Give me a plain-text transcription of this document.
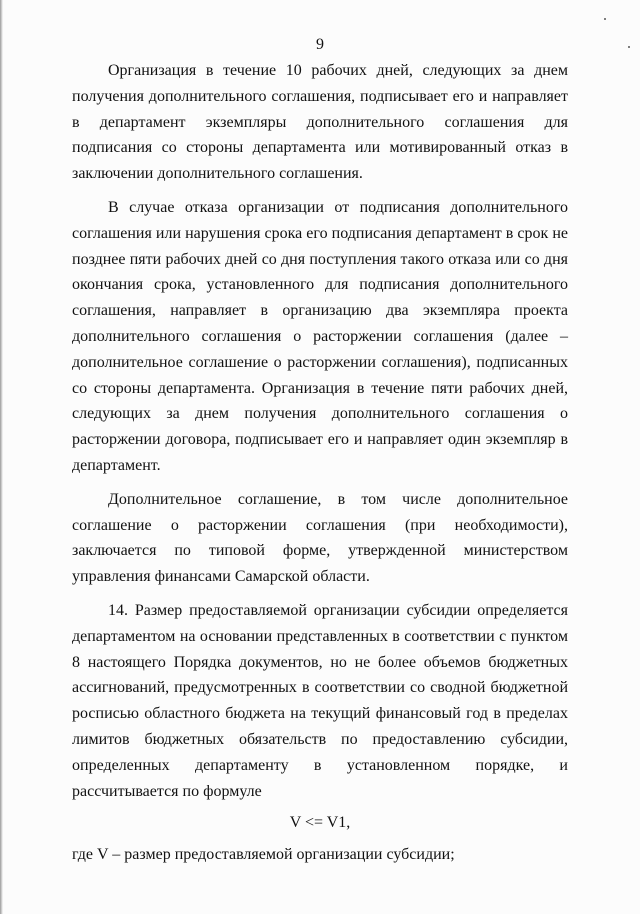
9

Организация в течение 10 рабочих дней, следующих за днем получения дополнительного соглашения, подписывает его и направляет в департамент экземпляры дополнительного соглашения для подписания со стороны департамента или мотивированный отказ в заключении дополнительного соглашения.

В случае отказа организации от подписания дополнительного соглашения или нарушения срока его подписания департамент в срок не позднее пяти рабочих дней со дня поступления такого отказа или со дня окончания срока, установленного для подписания дополнительного соглашения, направляет в организацию два экземпляра проекта дополнительного соглашения о расторжении соглашения (далее – дополнительное соглашение о расторжении соглашения), подписанных со стороны департамента. Организация в течение пяти рабочих дней, следующих за днем получения дополнительного соглашения о расторжении договора, подписывает его и направляет один экземпляр в департамент.

Дополнительное соглашение, в том числе дополнительное соглашение о расторжении соглашения (при необходимости), заключается по типовой форме, утвержденной министерством управления финансами Самарской области.

14. Размер предоставляемой организации субсидии определяется департаментом на основании представленных в соответствии с пунктом 8 настоящего Порядка документов, но не более объемов бюджетных ассигнований, предусмотренных в соответствии со сводной бюджетной росписью областного бюджета на текущий финансовый год в пределах лимитов бюджетных обязательств по предоставлению субсидии, определенных департаменту в установленном порядке, и рассчитывается по формуле

V <= V1,

где V – размер предоставляемой организации субсидии;
